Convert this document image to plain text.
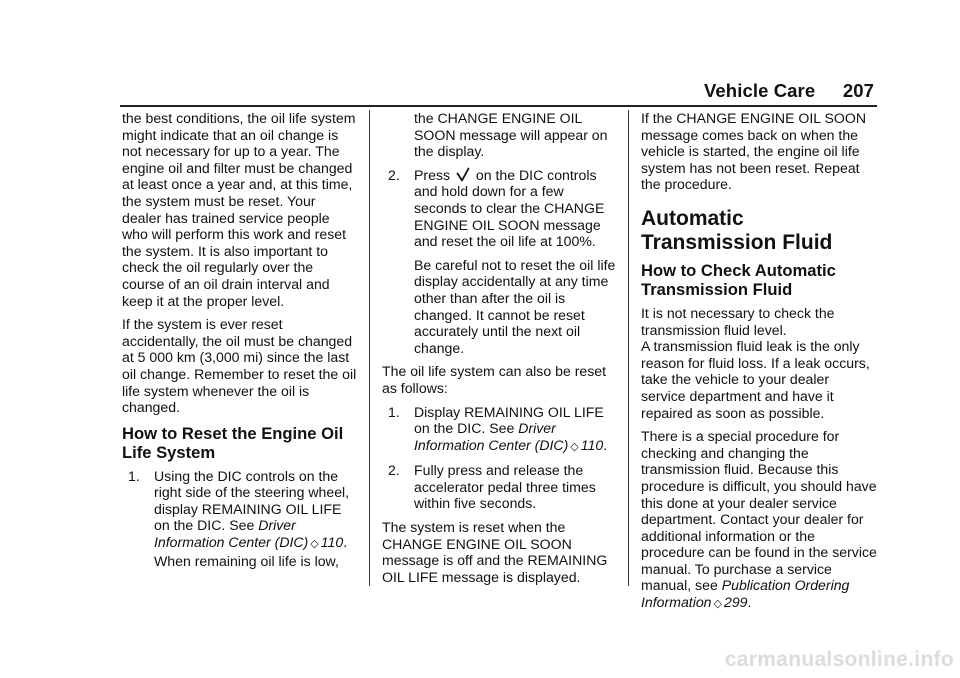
Vehicle Care 207

the best conditions, the oil life system might indicate that an oil change is not necessary for up to a year. The engine oil and filter must be changed at least once a year and, at this time, the system must be reset. Your dealer has trained service people who will perform this work and reset the system. It is also important to check the oil regularly over the course of an oil drain interval and keep it at the proper level.

If the system is ever reset accidentally, the oil must be changed at 5 000 km (3,000 mi) since the last oil change. Remember to reset the oil life system whenever the oil is changed.

How to Reset the Engine Oil Life System
1. Using the DIC controls on the right side of the steering wheel, display REMAINING OIL LIFE on the DIC. See Driver Information Center (DIC) ◇ 110.
When remaining oil life is low,
the CHANGE ENGINE OIL SOON message will appear on the display.
2. Press  on the DIC controls and hold down for a few seconds to clear the CHANGE ENGINE OIL SOON message and reset the oil life at 100%.
Be careful not to reset the oil life display accidentally at any time other than after the oil is changed. It cannot be reset accurately until the next oil change.

The oil life system can also be reset as follows:

1. Display REMAINING OIL LIFE on the DIC. See Driver Information Center (DIC) ◇ 110.
2. Fully press and release the accelerator pedal three times within five seconds.

The system is reset when the CHANGE ENGINE OIL SOON message is off and the REMAINING OIL LIFE message is displayed.

If the CHANGE ENGINE OIL SOON message comes back on when the vehicle is started, the engine oil life system has not been reset. Repeat the procedure.

Automatic Transmission Fluid
How to Check Automatic Transmission Fluid

It is not necessary to check the transmission fluid level.

A transmission fluid leak is the only reason for fluid loss. If a leak occurs, take the vehicle to your dealer service department and have it repaired as soon as possible.

There is a special procedure for checking and changing the transmission fluid. Because this procedure is difficult, you should have this done at your dealer service department. Contact your dealer for additional information or the procedure can be found in the service manual. To purchase a service manual, see Publication Ordering Information ◇ 299.

carmanualsonline.info
